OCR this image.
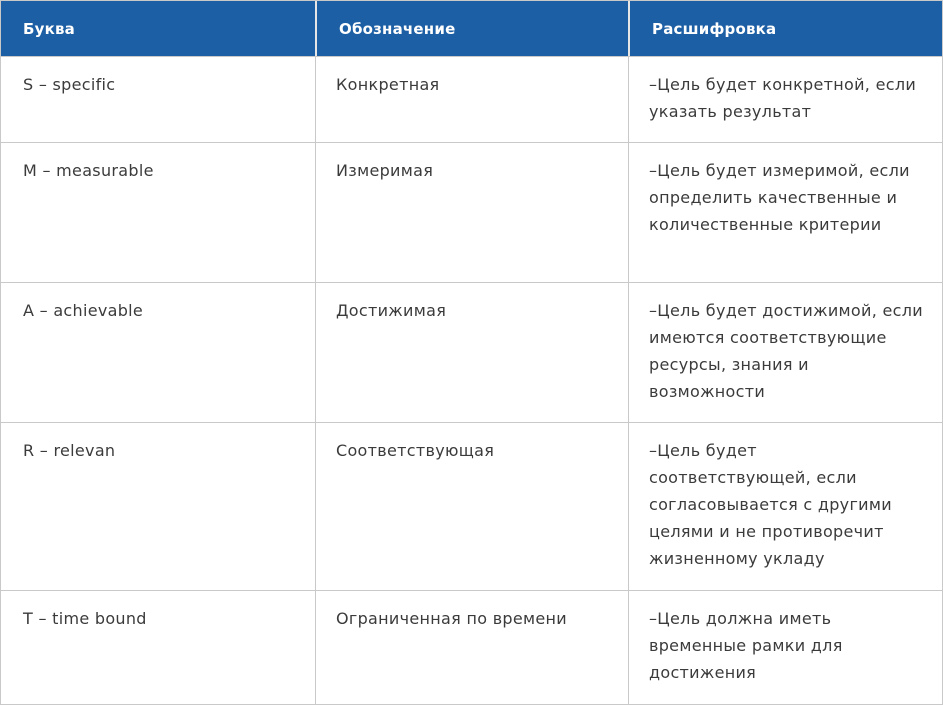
Буква	Обозначение	Расшифровка
S – specific	Конкретная	–Цель будет конкретной, если указать результат
M – measurable	Измеримая	–Цель будет измеримой, если определить качественные и количественные критерии
A – achievable	Достижимая	–Цель будет достижимой, если имеются соответствующие ресурсы, знания и возможности
R – relevan	Соответствующая	–Цель будет соответствующей, если согласовывается с другими целями и не противоречит жизненному укладу
T – time bound	Ограниченная по времени	–Цель должна иметь временные рамки для достижения
